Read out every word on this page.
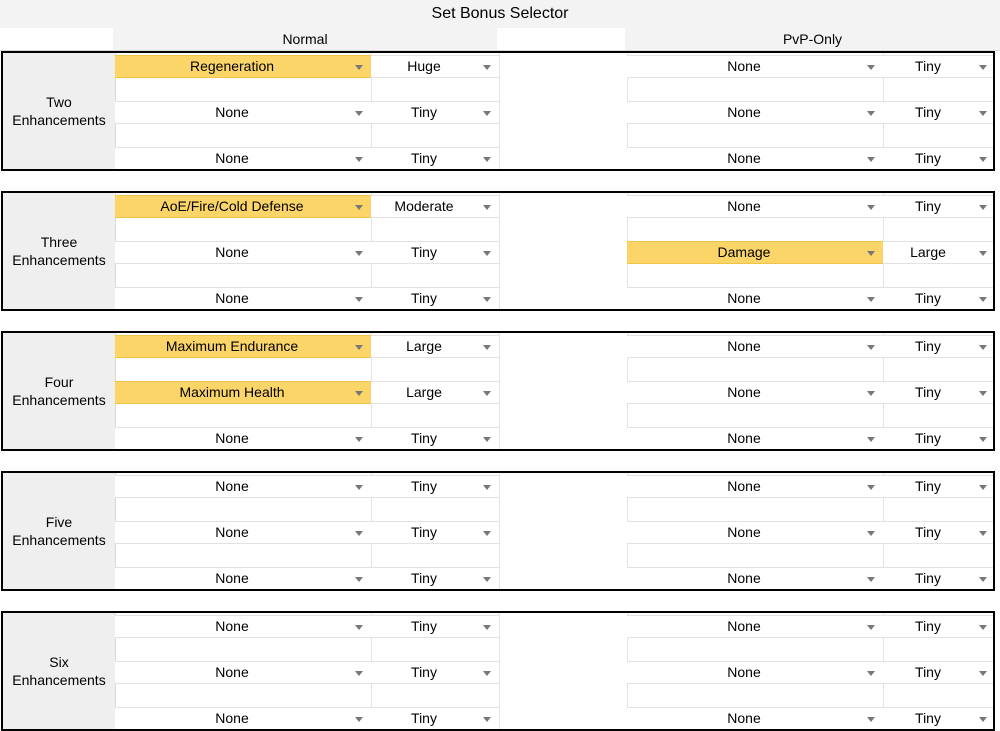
Set Bonus Selector
Normal	PvP-Only
Two
Enhancements
Regeneration	Huge	None	Tiny
None	Tiny	None	Tiny
None	Tiny	None	Tiny
Three
Enhancements
AoE/Fire/Cold Defense	Moderate	None	Tiny
None	Tiny	Damage	Large
None	Tiny	None	Tiny
Four
Enhancements
Maximum Endurance	Large	None	Tiny
Maximum Health	Large	None	Tiny
None	Tiny	None	Tiny
Five
Enhancements
None	Tiny	None	Tiny
None	Tiny	None	Tiny
None	Tiny	None	Tiny
Six
Enhancements
None	Tiny	None	Tiny
None	Tiny	None	Tiny
None	Tiny	None	Tiny
